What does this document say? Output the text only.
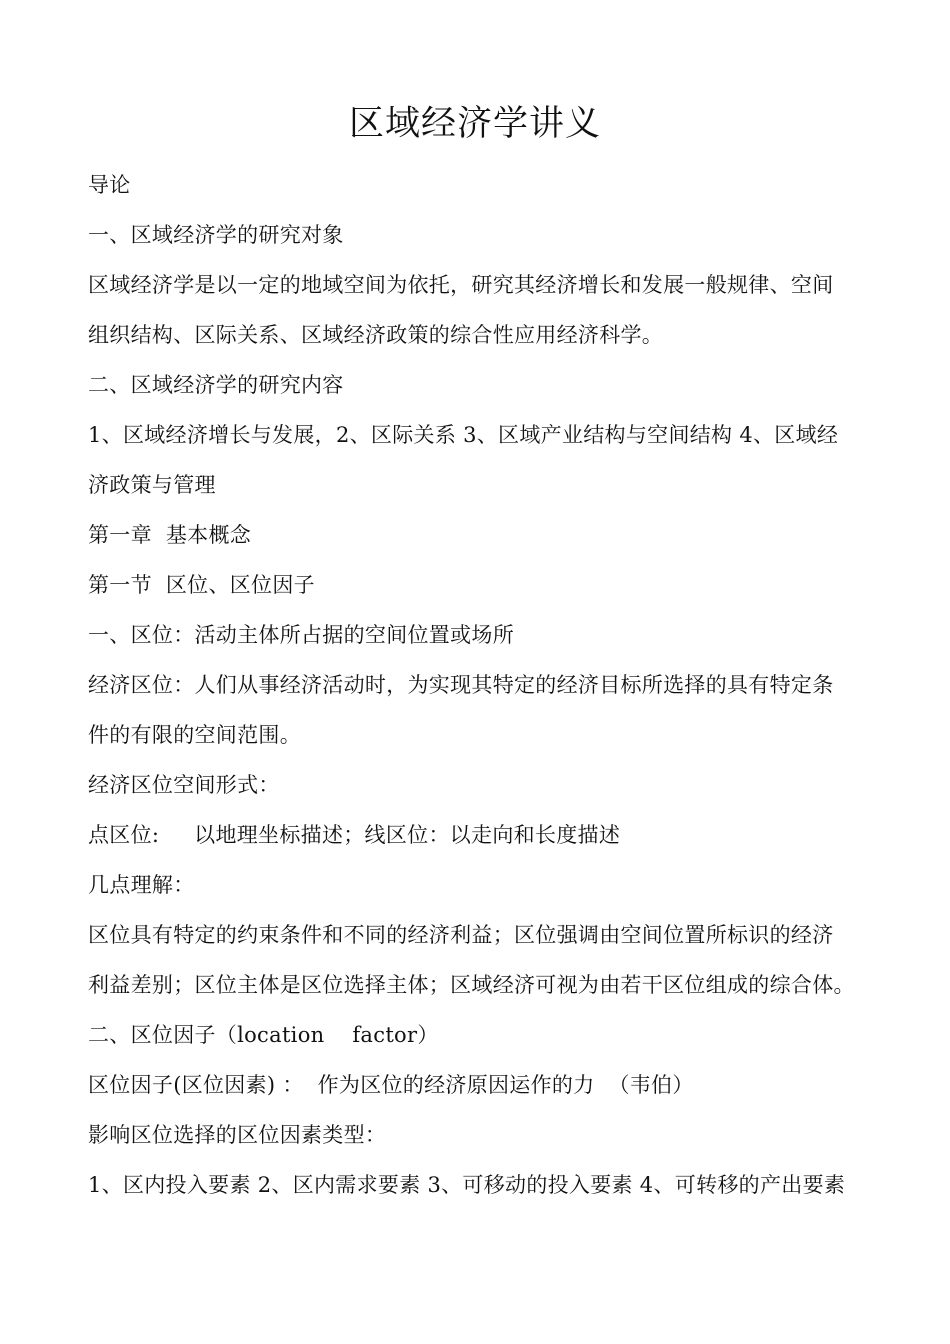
区域经济学讲义
导论
一、区域经济学的研究对象
区域经济学是以一定的地域空间为依托，研究其经济增长和发展一般规律、空间
组织结构、区际关系、区域经济政策的综合性应用经济科学。
二、区域经济学的研究内容
1、区域经济增长与发展，2、区际关系 3、区域产业结构与空间结构 4、区域经
济政策与管理
第一章  基本概念
第一节  区位、区位因子
一、区位：活动主体所占据的空间位置或场所
经济区位：人们从事经济活动时，为实现其特定的经济目标所选择的具有特定条
件的有限的空间范围。
经济区位空间形式：
点区位:     以地理坐标描述；线区位：以走向和长度描述
几点理解：
区位具有特定的约束条件和不同的经济利益；区位强调由空间位置所标识的经济
利益差别；区位主体是区位选择主体；区域经济可视为由若干区位组成的综合体。
二、区位因子（location    factor）
区位因子(区位因素) ：  作为区位的经济原因运作的力  （韦伯）
影响区位选择的区位因素类型：
1、区内投入要素 2、区内需求要素 3、可移动的投入要素 4、可转移的产出要素
